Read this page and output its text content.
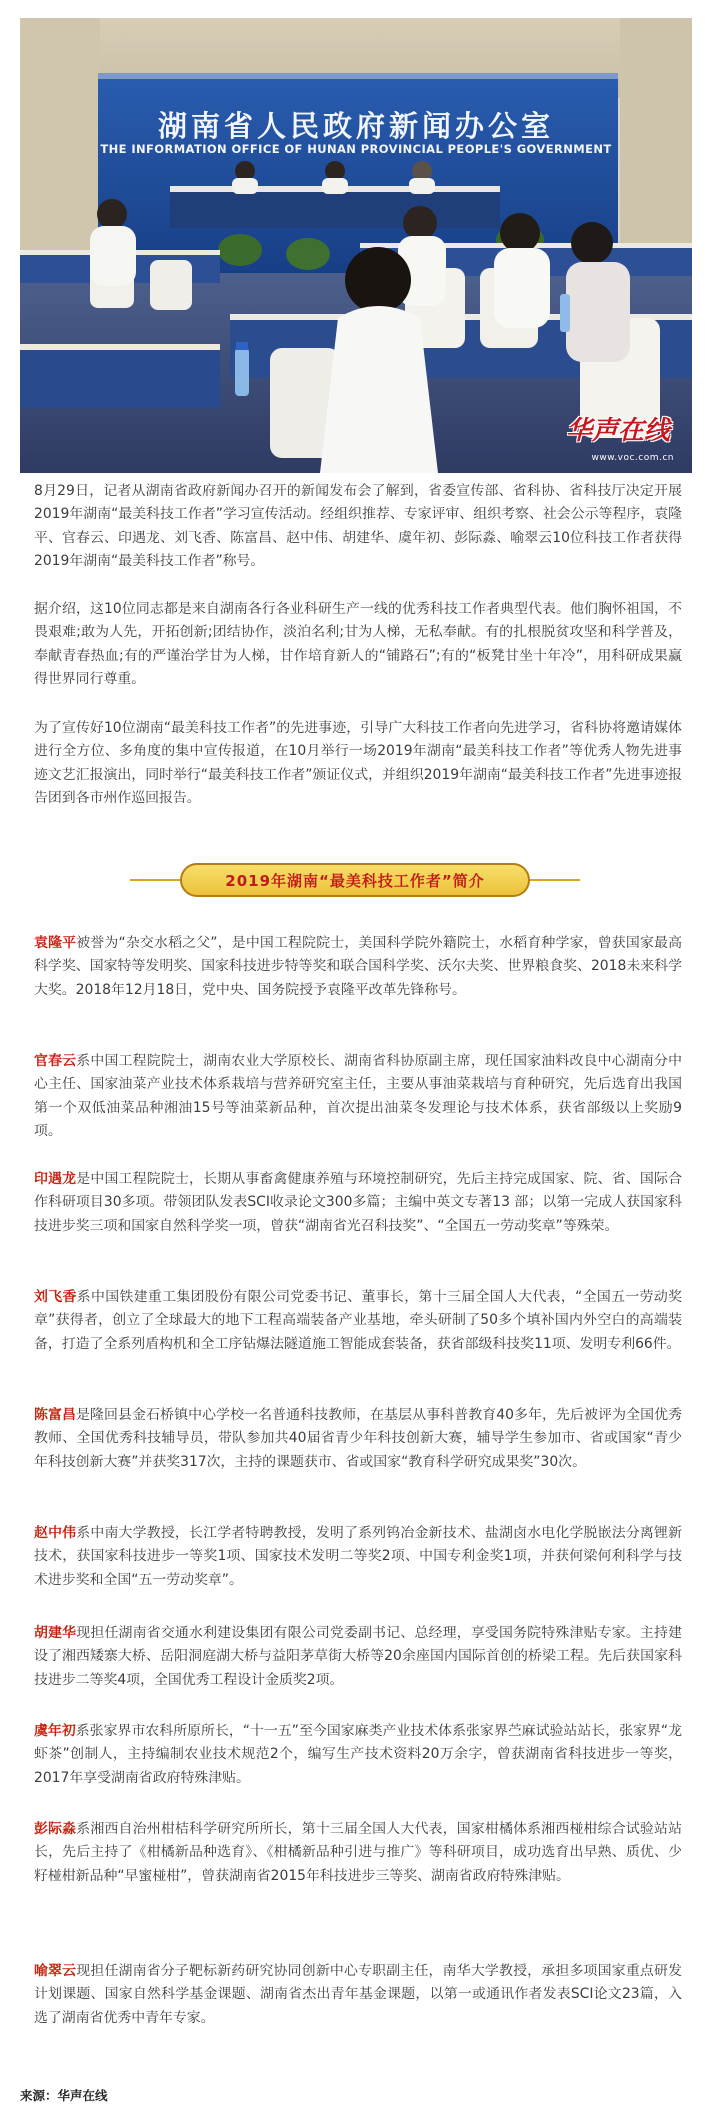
湖南省人民政府新闻办公室
THE INFORMATION OFFICE OF HUNAN PROVINCIAL PEOPLE'S GOVERNMENT
华声在线
www.voc.com.cn

8月29日，记者从湖南省政府新闻办召开的新闻发布会了解到，省委宣传部、省科协、省科技厅决定开展2019年湖南“最美科技工作者”学习宣传活动。经组织推荐、专家评审、组织考察、社会公示等程序，袁隆平、官春云、印遇龙、刘飞香、陈富昌、赵中伟、胡建华、虞年初、彭际淼、喻翠云10位科技工作者获得2019年湖南“最美科技工作者”称号。

据介绍，这10位同志都是来自湖南各行各业科研生产一线的优秀科技工作者典型代表。他们胸怀祖国，不畏艰难;敢为人先，开拓创新;团结协作，淡泊名利;甘为人梯，无私奉献。有的扎根脱贫攻坚和科学普及，奉献青春热血;有的严谨治学甘为人梯，甘作培育新人的“铺路石”;有的“板凳甘坐十年冷”，用科研成果赢得世界同行尊重。

为了宣传好10位湖南“最美科技工作者”的先进事迹，引导广大科技工作者向先进学习，省科协将邀请媒体进行全方位、多角度的集中宣传报道，在10月举行一场2019年湖南“最美科技工作者”等优秀人物先进事迹文艺汇报演出，同时举行“最美科技工作者”颁证仪式，并组织2019年湖南“最美科技工作者”先进事迹报告团到各市州作巡回报告。

2019年湖南“最美科技工作者”简介

袁隆平被誉为“杂交水稻之父”，是中国工程院院士，美国科学院外籍院士，水稻育种学家，曾获国家最高科学奖、国家特等发明奖、国家科技进步特等奖和联合国科学奖、沃尔夫奖、世界粮食奖、2018未来科学大奖。2018年12月18日，党中央、国务院授予袁隆平改革先锋称号。

官春云系中国工程院院士，湖南农业大学原校长、湖南省科协原副主席，现任国家油料改良中心湖南分中心主任、国家油菜产业技术体系栽培与营养研究室主任，主要从事油菜栽培与育种研究，先后选育出我国第一个双低油菜品种湘油15号等油菜新品种，首次提出油菜冬发理论与技术体系，获省部级以上奖励9项。

印遇龙是中国工程院院士，长期从事畜禽健康养殖与环境控制研究，先后主持完成国家、院、省、国际合作科研项目30多项。带领团队发表SCI收录论文300多篇；主编中英文专著13 部；以第一完成人获国家科技进步奖三项和国家自然科学奖一项，曾获“湖南省光召科技奖”、“全国五一劳动奖章”等殊荣。

刘飞香系中国铁建重工集团股份有限公司党委书记、董事长，第十三届全国人大代表，“全国五一劳动奖章”获得者，创立了全球最大的地下工程高端装备产业基地，牵头研制了50多个填补国内外空白的高端装备，打造了全系列盾构机和全工序钻爆法隧道施工智能成套装备，获省部级科技奖11项、发明专利66件。

陈富昌是隆回县金石桥镇中心学校一名普通科技教师，在基层从事科普教育40多年，先后被评为全国优秀教师、全国优秀科技辅导员，带队参加共40届省青少年科技创新大赛，辅导学生参加市、省或国家“青少年科技创新大赛”并获奖317次，主持的课题获市、省或国家“教育科学研究成果奖”30次。

赵中伟系中南大学教授，长江学者特聘教授，发明了系列钨冶金新技术、盐湖卤水电化学脱嵌法分离锂新技术，获国家科技进步一等奖1项、国家技术发明二等奖2项、中国专利金奖1项，并获何梁何利科学与技术进步奖和全国“五一劳动奖章”。

胡建华现担任湖南省交通水利建设集团有限公司党委副书记、总经理，享受国务院特殊津贴专家。主持建设了湘西矮寨大桥、岳阳洞庭湖大桥与益阳茅草街大桥等20余座国内国际首创的桥梁工程。先后获国家科技进步二等奖4项，全国优秀工程设计金质奖2项。

虞年初系张家界市农科所原所长，“十一五”至今国家麻类产业技术体系张家界苎麻试验站站长，张家界“龙虾茶”创制人，主持编制农业技术规范2个，编写生产技术资料20万余字，曾获湖南省科技进步一等奖，2017年享受湖南省政府特殊津贴。

彭际淼系湘西自治州柑桔科学研究所所长，第十三届全国人大代表，国家柑橘体系湘西椪柑综合试验站站长，先后主持了《柑橘新品种选育》、《柑橘新品种引进与推广》等科研项目，成功选育出早熟、质优、少籽椪柑新品种“早蜜椪柑”，曾获湖南省2015年科技进步三等奖、湖南省政府特殊津贴。

喻翠云现担任湖南省分子靶标新药研究协同创新中心专职副主任，南华大学教授，承担多项国家重点研发计划课题、国家自然科学基金课题、湖南省杰出青年基金课题，以第一或通讯作者发表SCI论文23篇，入选了湖南省优秀中青年专家。

来源：华声在线
